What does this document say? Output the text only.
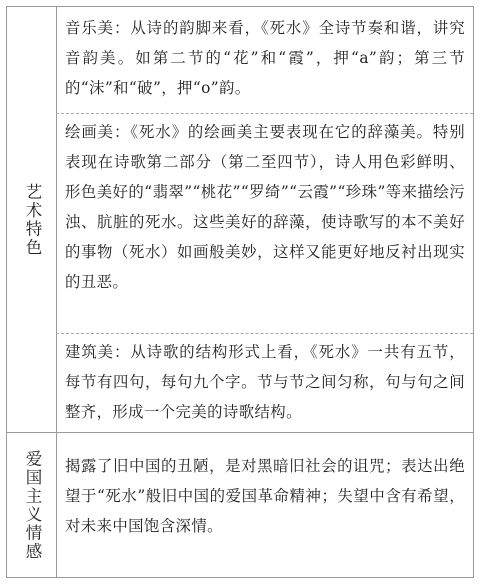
艺术
特色
爱国
主义
情感
音乐美：从诗的韵脚来看，《死水》全诗节奏和谐，讲究音韵美。如第二节的“花”和“霞”，押“a”韵；第三节的“沫”和“破”，押“o”韵。
绘画美：《死水》的绘画美主要表现在它的辞藻美。特别表现在诗歌第二部分（第二至四节），诗人用色彩鲜明、形色美好的“翡翠”“桃花”“罗绮”“云霞”“珍珠”等来描绘污浊、肮脏的死水。这些美好的辞藻，使诗歌写的本不美好的事物（死水）如画般美妙，这样又能更好地反衬出现实的丑恶。
建筑美：从诗歌的结构形式上看，《死水》一共有五节，每节有四句，每句九个字。节与节之间匀称，句与句之间整齐，形成一个完美的诗歌结构。
揭露了旧中国的丑陋，是对黑暗旧社会的诅咒；表达出绝望于“死水”般旧中国的爱国革命精神；失望中含有希望，对未来中国饱含深情。
